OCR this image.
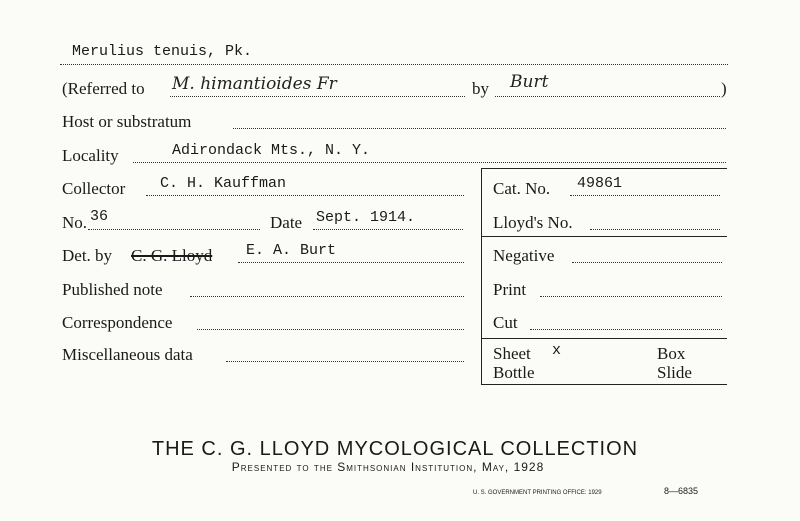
Merulius tenuis, Pk.
(Referred to M. himantioides Fr	by Burt	)
Host or substratum
Locality	Adirondack Mts., N. Y.
Collector C. H. Kauffman	Cat. No. 49861
No. 36	Date Sept. 1914.	Lloyd's No.
Det. by C. G. Lloyd E. A. Burt	Negative
Published note	Print
Correspondence	Cut
Miscellaneous data	Sheet x	Box
Bottle	Slide
THE C. G. LLOYD MYCOLOGICAL COLLECTION
Presented to the Smithsonian Institution, May, 1928
U. S. GOVERNMENT PRINTING OFFICE: 1929	8—6835
